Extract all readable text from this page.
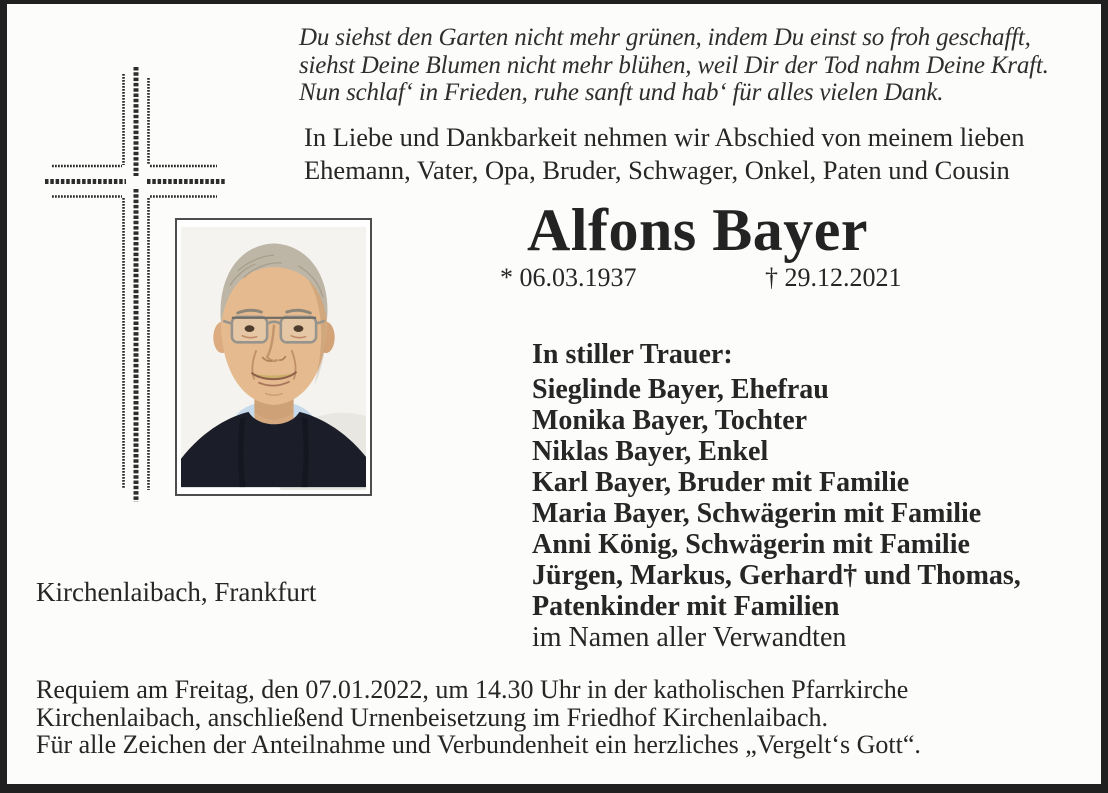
Du siehst den Garten nicht mehr grünen, indem Du einst so froh geschafft,
siehst Deine Blumen nicht mehr blühen, weil Dir der Tod nahm Deine Kraft.
Nun schlaf‘ in Frieden, ruhe sanft und hab‘ für alles vielen Dank.
In Liebe und Dankbarkeit nehmen wir Abschied von meinem lieben
Ehemann, Vater, Opa, Bruder, Schwager, Onkel, Paten und Cousin
Alfons Bayer
* 06.03.1937	† 29.12.2021
In stiller Trauer:
Sieglinde Bayer, Ehefrau
Monika Bayer, Tochter
Niklas Bayer, Enkel
Karl Bayer, Bruder mit Familie
Maria Bayer, Schwägerin mit Familie
Anni König, Schwägerin mit Familie
Jürgen, Markus, Gerhard† und Thomas,
Patenkinder mit Familien
im Namen aller Verwandten
Kirchenlaibach, Frankfurt
Requiem am Freitag, den 07.01.2022, um 14.30 Uhr in der katholischen Pfarrkirche
Kirchenlaibach, anschließend Urnenbeisetzung im Friedhof Kirchenlaibach.
Für alle Zeichen der Anteilnahme und Verbundenheit ein herzliches „Vergelt‘s Gott“.
